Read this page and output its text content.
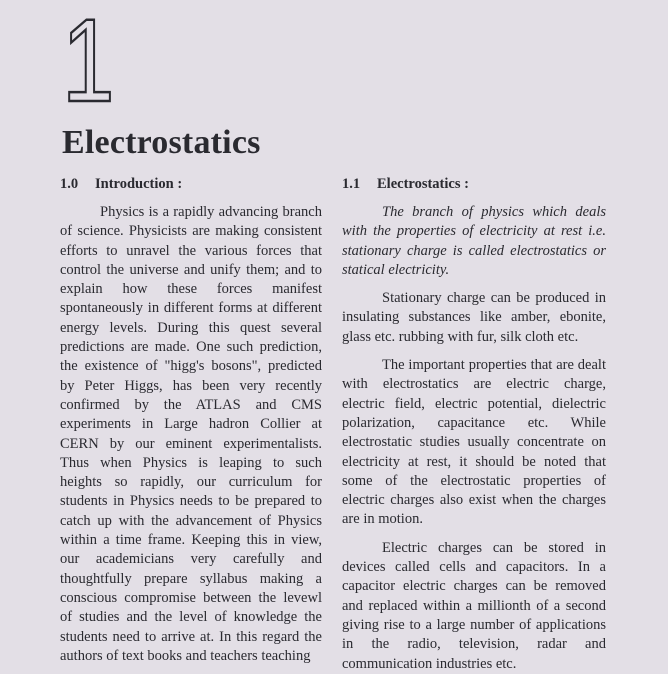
1
Electrostatics
1.0 Introduction :	1.1 Electrostatics :

Physics is a rapidly advancing branch of science. Physicists are making consistent efforts to unravel the various forces that control the universe and unify them; and to explain how these forces manifest spontaneously in different forms at different energy levels. During this quest several predictions are made. One such prediction, the existence of "higg's bosons", predicted by Peter Higgs, has been very recently confirmed by the ATLAS and CMS experiments in Large hadron Collier at CERN by our eminent experimentalists. Thus when Physics is leaping to such heights so rapidly, our curriculum for students in Physics needs to be prepared to catch up with the advancement of Physics within a time frame. Keeping this in view, our academicians very carefully and thoughtfully prepare syllabus making a conscious compromise between the levewl of studies and the level of knowledge the students need to arrive at. In this regard the authors of text books and teachers teaching

The branch of physics which deals with the properties of electricity at rest i.e. stationary charge is called electrostatics or statical electricity.

Stationary charge can be produced in insulating substances like amber, ebonite, glass etc. rubbing with fur, silk cloth etc.

The important properties that are dealt with electrostatics are electric charge, electric field, electric potential, dielectric polarization, capacitance etc. While electrostatic studies usually concentrate on electricity at rest, it should be noted that some of the electrostatic properties of electric charges also exist when the charges are in motion.

Electric charges can be stored in devices called cells and capacitors. In a capacitor electric charges can be removed and replaced within a millionth of a second giving rise to a large number of applications in the radio, television, radar and communication industries etc.
